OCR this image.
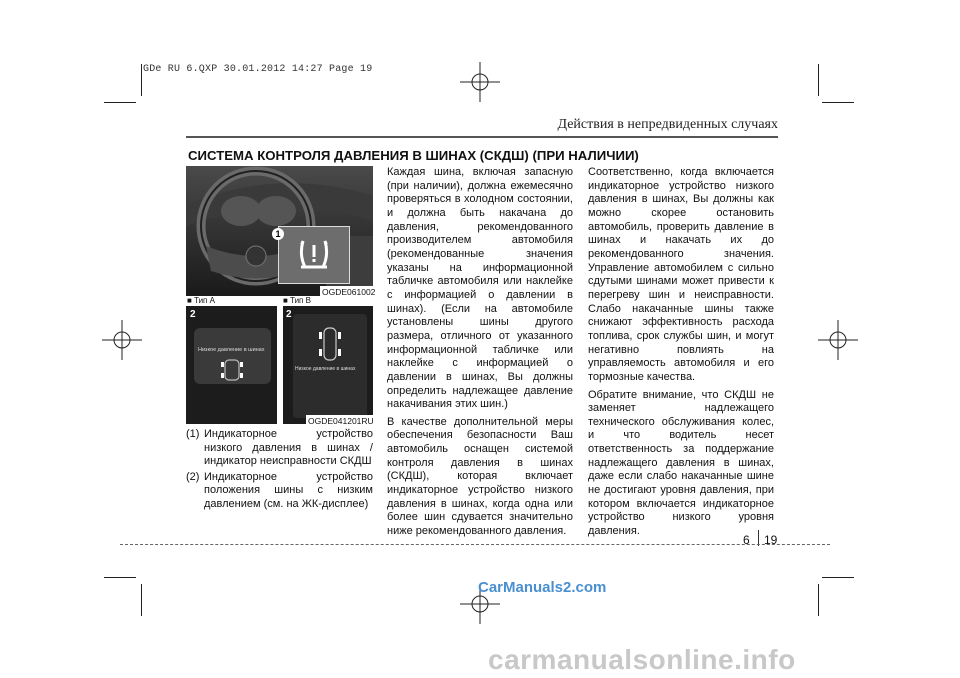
GDe RU 6.QXP 30.01.2012 14:27 Page 19
Действия в непредвиденных случаях
СИСТЕМА КОНТРОЛЯ ДАВЛЕНИЯ В ШИНАХ (СКДШ) (ПРИ НАЛИЧИИ)
1
OGDE061002
■ Тип А	■ Тип B
2
Низкое давление в шинах
2
Низкое давление в шинах
OGDE041201RU
(1) Индикаторное устройство низкого давления в шинах / индикатор неисправности СКДШ
(2) Индикаторное устройство положения шины с низким давлением (см. на ЖК-дисплее)

Каждая шина, включая запасную (при наличии), должна ежемесячно проверяться в холодном состоянии, и должна быть накачана до давления, рекомендованного производителем автомобиля (рекомендованные значения указаны на информационной табличке автомобиля или наклейке с информацией о давлении в шинах). (Если на автомобиле установлены шины другого размера, отличного от указанного информационной табличке или наклейке с информацией о давлении в шинах, Вы должны определить надлежащее давление накачивания этих шин.)

В качестве дополнительной меры обеспечения безопасности Ваш автомобиль оснащен системой контроля давления в шинах (СКДШ), которая включает индикаторное устройство низкого давления в шинах, когда одна или более шин сдувается значительно ниже рекомендованного давления.

Соответственно, когда включается индикаторное устройство низкого давления в шинах, Вы должны как можно скорее остановить автомобиль, проверить давление в шинах и накачать их до рекомендованного значения. Управление автомобилем с сильно сдутыми шинами может привести к перегреву шин и неисправности. Слабо накачанные шины также снижают эффективность расхода топлива, срок службы шин, и могут негативно повлиять на управляемость автомобиля и его тормозные качества.

Обратите внимание, что СКДШ не заменяет надлежащего технического обслуживания колес, и что водитель несет ответственность за поддержание надлежащего давления в шинах, даже если слабо накачанные шине не достигают уровня давления, при котором включается индикаторное устройство низкого уровня давления.

6 19
CarManuals2.com
carmanualsonline.info
